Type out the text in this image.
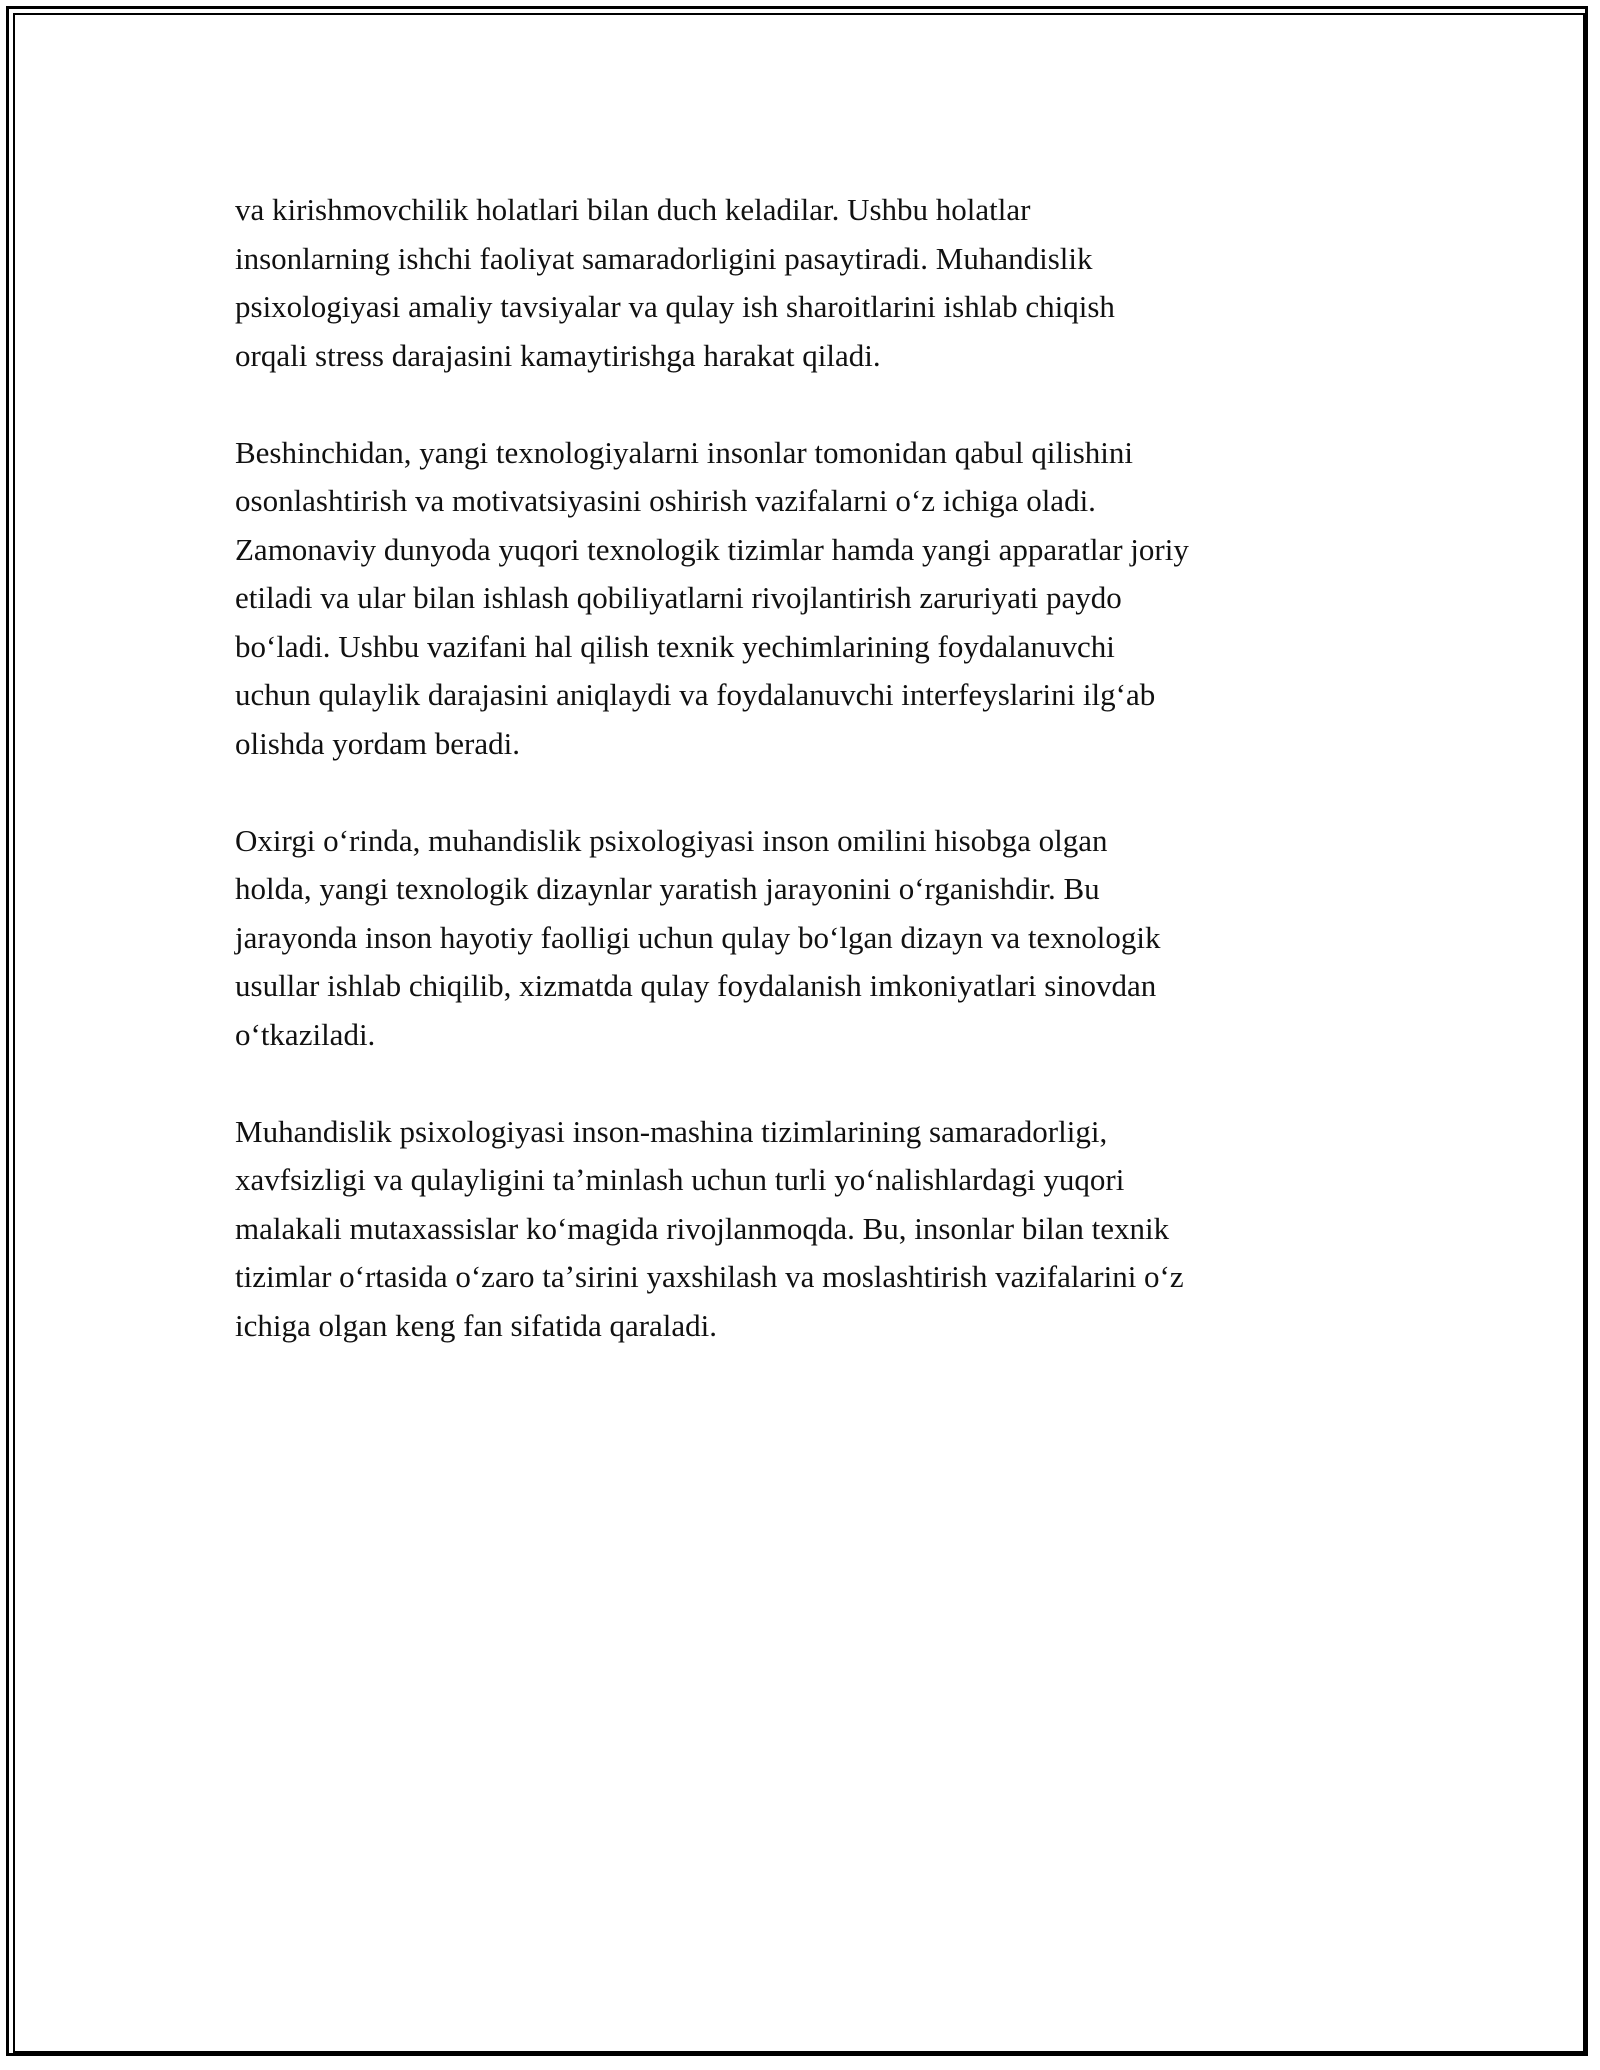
va kirishmovchilik holatlari bilan duch keladilar. Ushbu holatlar
insonlarning ishchi faoliyat samaradorligini pasaytiradi. Muhandislik
psixologiyasi amaliy tavsiyalar va qulay ish sharoitlarini ishlab chiqish
orqali stress darajasini kamaytirishga harakat qiladi.

Beshinchidan, yangi texnologiyalarni insonlar tomonidan qabul qilishini
osonlashtirish va motivatsiyasini oshirish vazifalarni oʻz ichiga oladi.
Zamonaviy dunyoda yuqori texnologik tizimlar hamda yangi apparatlar joriy
etiladi va ular bilan ishlash qobiliyatlarni rivojlantirish zaruriyati paydo
boʻladi. Ushbu vazifani hal qilish texnik yechimlarining foydalanuvchi
uchun qulaylik darajasini aniqlaydi va foydalanuvchi interfeyslarini ilgʻab
olishda yordam beradi.

Oxirgi oʻrinda, muhandislik psixologiyasi inson omilini hisobga olgan
holda, yangi texnologik dizaynlar yaratish jarayonini oʻrganishdir. Bu
jarayonda inson hayotiy faolligi uchun qulay boʻlgan dizayn va texnologik
usullar ishlab chiqilib, xizmatda qulay foydalanish imkoniyatlari sinovdan
oʻtkaziladi.

Muhandislik psixologiyasi inson-mashina tizimlarining samaradorligi,
xavfsizligi va qulayligini taʼminlash uchun turli yoʻnalishlardagi yuqori
malakali mutaxassislar koʻmagida rivojlanmoqda. Bu, insonlar bilan texnik
tizimlar oʻrtasida oʻzaro taʼsirini yaxshilash va moslashtirish vazifalarini oʻz
ichiga olgan keng fan sifatida qaraladi.
